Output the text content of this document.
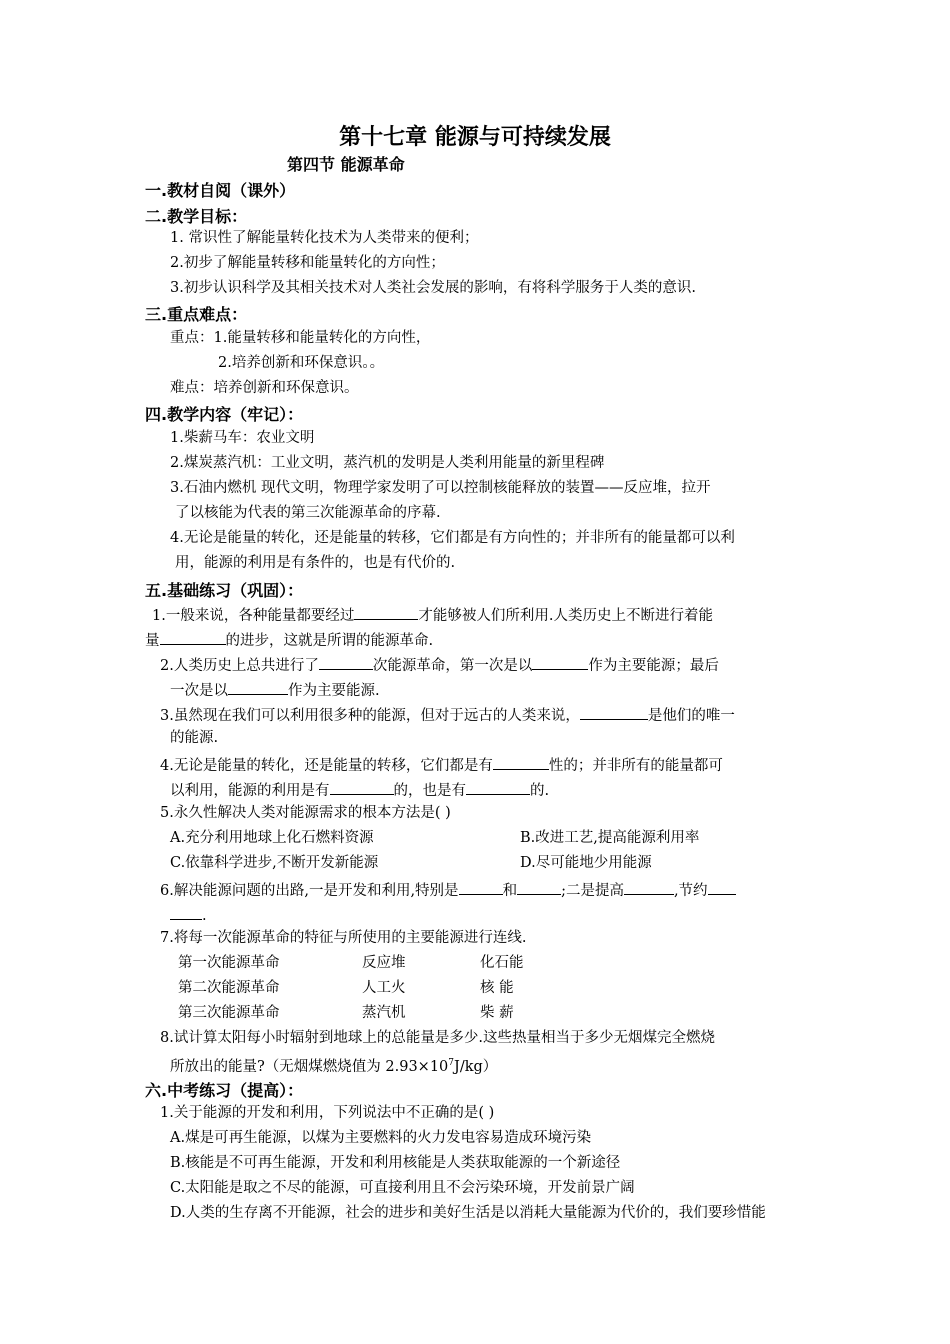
第十七章 能源与可持续发展
第四节 能源革命
一.教材自阅（课外）
二.教学目标：
1. 常识性了解能量转化技术为人类带来的便利；
2.初步了解能量转移和能量转化的方向性；
3.初步认识科学及其相关技术对人类社会发展的影响，有将科学服务于人类的意识.
三.重点难点：
重点：1.能量转移和能量转化的方向性，
2.培养创新和环保意识。。
难点：培养创新和环保意识。
四.教学内容（牢记）：
1.柴薪马车：农业文明
2.煤炭蒸汽机：工业文明，蒸汽机的发明是人类利用能量的新里程碑
3.石油内燃机 现代文明，物理学家发明了可以控制核能释放的装置——反应堆，拉开
了以核能为代表的第三次能源革命的序幕.
4.无论是能量的转化，还是能量的转移，它们都是有方向性的；并非所有的能量都可以利
用，能源的利用是有条件的，也是有代价的.
五.基础练习（巩固）：
1.一般来说，各种能量都要经过	才能够被人们所利用.人类历史上不断进行着能
量	的进步，这就是所谓的能源革命.
2.人类历史上总共进行了	次能源革命，第一次是以	作为主要能源；最后
一次是以	作为主要能源.
3.虽然现在我们可以利用很多种的能源，但对于远古的人类来说，	是他们的唯一
的能源.
4.无论是能量的转化，还是能量的转移，它们都是有	性的；并非所有的能量都可
以利用，能源的利用是有	的，也是有	的.
5.永久性解决人类对能源需求的根本方法是( )
A.充分利用地球上化石燃料资源	B.改进工艺,提高能源利用率
C.依靠科学进步,不断开发新能源	D.尽可能地少用能源
6.解决能源问题的出路,一是开发和利用,特别是	和	;二是提高	,节约
.
7.将每一次能源革命的特征与所使用的主要能源进行连线.
第一次能源革命	反应堆	化石能
第二次能源革命	人工火	核 能
第三次能源革命	蒸汽机	柴 薪
8.试计算太阳每小时辐射到地球上的总能量是多少.这些热量相当于多少无烟煤完全燃烧
所放出的能量?（无烟煤燃烧值为 $2.93\times 10^7J/kg$）
六.中考练习（提高）：
1.关于能源的开发和利用，下列说法中不正确的是( )
A.煤是可再生能源，以煤为主要燃料的火力发电容易造成环境污染
B.核能是不可再生能源，开发和利用核能是人类获取能源的一个新途径
C.太阳能是取之不尽的能源，可直接利用且不会污染环境，开发前景广阔
D.人类的生存离不开能源，社会的进步和美好生活是以消耗大量能源为代价的，我们要珍惜能
